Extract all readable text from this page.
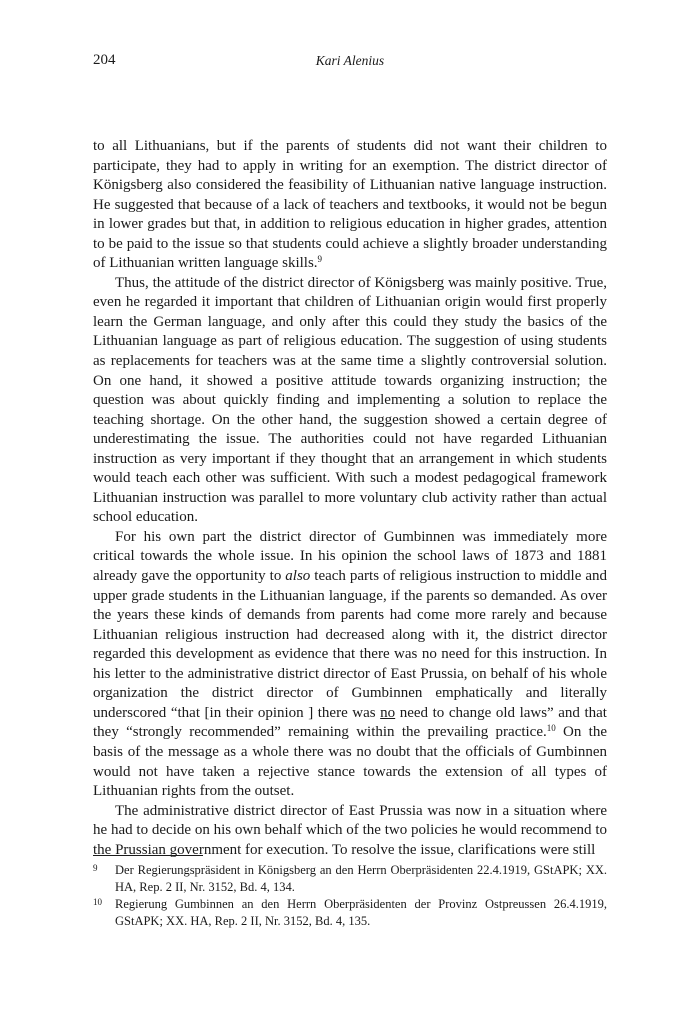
204	Kari Alenius

to all Lithuanians, but if the parents of students did not want their children to participate, they had to apply in writing for an exemption. The district director of Königsberg also considered the feasibility of Lithuanian native language instruction. He suggested that because of a lack of teachers and textbooks, it would not be begun in lower grades but that, in addition to religious education in higher grades, attention to be paid to the issue so that students could achieve a slightly broader understanding of Lithuanian written language skills.$^9$

Thus, the attitude of the district director of Königsberg was mainly positive. True, even he regarded it important that children of Lithuanian origin would first properly learn the German language, and only after this could they study the basics of the Lithuanian language as part of religious education. The suggestion of using students as replacements for teachers was at the same time a slightly controversial solution. On one hand, it showed a positive attitude towards organizing instruction; the question was about quickly finding and implementing a solution to replace the teaching shortage. On the other hand, the suggestion showed a certain degree of underestimating the issue. The authorities could not have regarded Lithuanian instruction as very important if they thought that an arrangement in which students would teach each other was sufficient. With such a modest pedagogical framework Lithuanian instruction was parallel to more voluntary club activity rather than actual school education.

For his own part the district director of Gumbinnen was immediately more critical towards the whole issue. In his opinion the school laws of 1873 and 1881 already gave the opportunity to also teach parts of religious instruction to middle and upper grade students in the Lithuanian language, if the parents so demanded. As over the years these kinds of demands from parents had come more rarely and because Lithuanian religious instruction had decreased along with it, the district director regarded this development as evidence that there was no need for this instruction. In his letter to the administrative district director of East Prussia, on behalf of his whole organization the district director of Gumbinnen emphatically and literally underscored “that [in their opinion ] there was no need to change old laws” and that they “strongly recommended” remaining within the prevailing practice.$^{10}$ On the basis of the message as a whole there was no doubt that the officials of Gumbinnen would not have taken a rejective stance towards the extension of all types of Lithuanian rights from the outset.

The administrative district director of East Prussia was now in a situation where he had to decide on his own behalf which of the two policies he would recommend to the Prussian government for execution. To resolve the issue, clarifications were still

9 Der Regierungspräsident in Königsberg an den Herrn Oberpräsidenten 22.4.1919, GStAPK; XX. HA, Rep. 2 II, Nr. 3152, Bd. 4, 134.
10 Regierung Gumbinnen an den Herrn Oberpräsidenten der Provinz Ostpreussen 26.4.1919, GStAPK; XX. HA, Rep. 2 II, Nr. 3152, Bd. 4, 135.
